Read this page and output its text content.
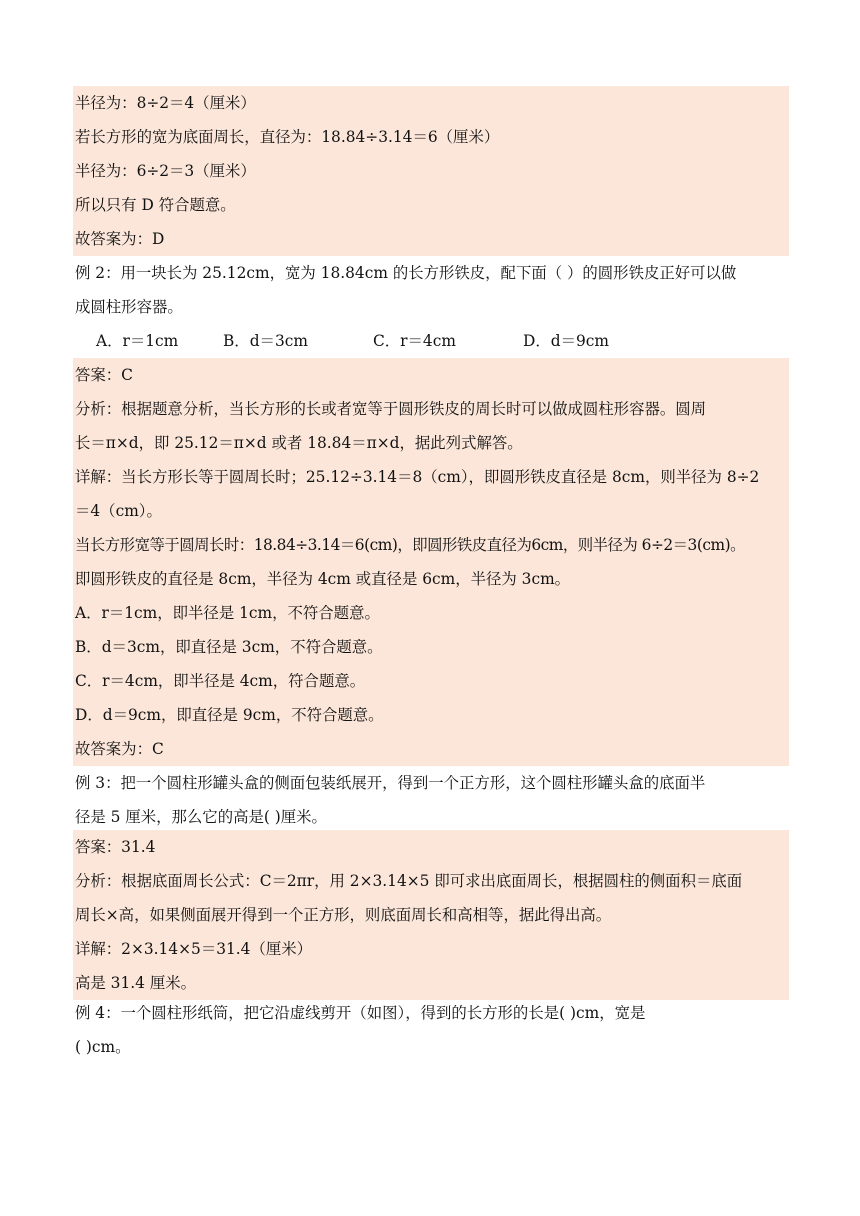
半径为：8÷2＝4（厘米）
若长方形的宽为底面周长，直径为：18.84÷3.14＝6（厘米）
半径为：6÷2＝3（厘米）
所以只有 D 符合题意。
故答案为：D
例 2：用一块长为 25.12cm，宽为 18.84cm 的长方形铁皮，配下面（ ）的圆形铁皮正好可以做
成圆柱形容器。
A．r＝1cm	B．d＝3cm	C．r＝4cm	D．d＝9cm
答案：C
分析：根据题意分析，当长方形的长或者宽等于圆形铁皮的周长时可以做成圆柱形容器。圆周
长＝π×d，即 25.12＝π×d 或者 18.84＝π×d，据此列式解答。
详解：当长方形长等于圆周长时；25.12÷3.14＝8（cm），即圆形铁皮直径是 8cm，则半径为 8÷2
＝4（cm）。
当长方形宽等于圆周长时：18.84÷3.14＝6(cm)，即圆形铁皮直径为6cm，则半径为 6÷2＝3(cm)。
即圆形铁皮的直径是 8cm，半径为 4cm 或直径是 6cm，半径为 3cm。
A．r＝1cm，即半径是 1cm，不符合题意。
B．d＝3cm，即直径是 3cm，不符合题意。
C．r＝4cm，即半径是 4cm，符合题意。
D．d＝9cm，即直径是 9cm，不符合题意。
故答案为：C
例 3：把一个圆柱形罐头盒的侧面包装纸展开，得到一个正方形，这个圆柱形罐头盒的底面半
径是 5 厘米，那么它的高是( )厘米。
答案：31.4
分析：根据底面周长公式：C＝2πr，用 2×3.14×5 即可求出底面周长，根据圆柱的侧面积＝底面
周长×高，如果侧面展开得到一个正方形，则底面周长和高相等，据此得出高。
详解：2×3.14×5＝31.4（厘米）
高是 31.4 厘米。
例 4：一个圆柱形纸筒，把它沿虚线剪开（如图），得到的长方形的长是( )cm，宽是
( )cm。
